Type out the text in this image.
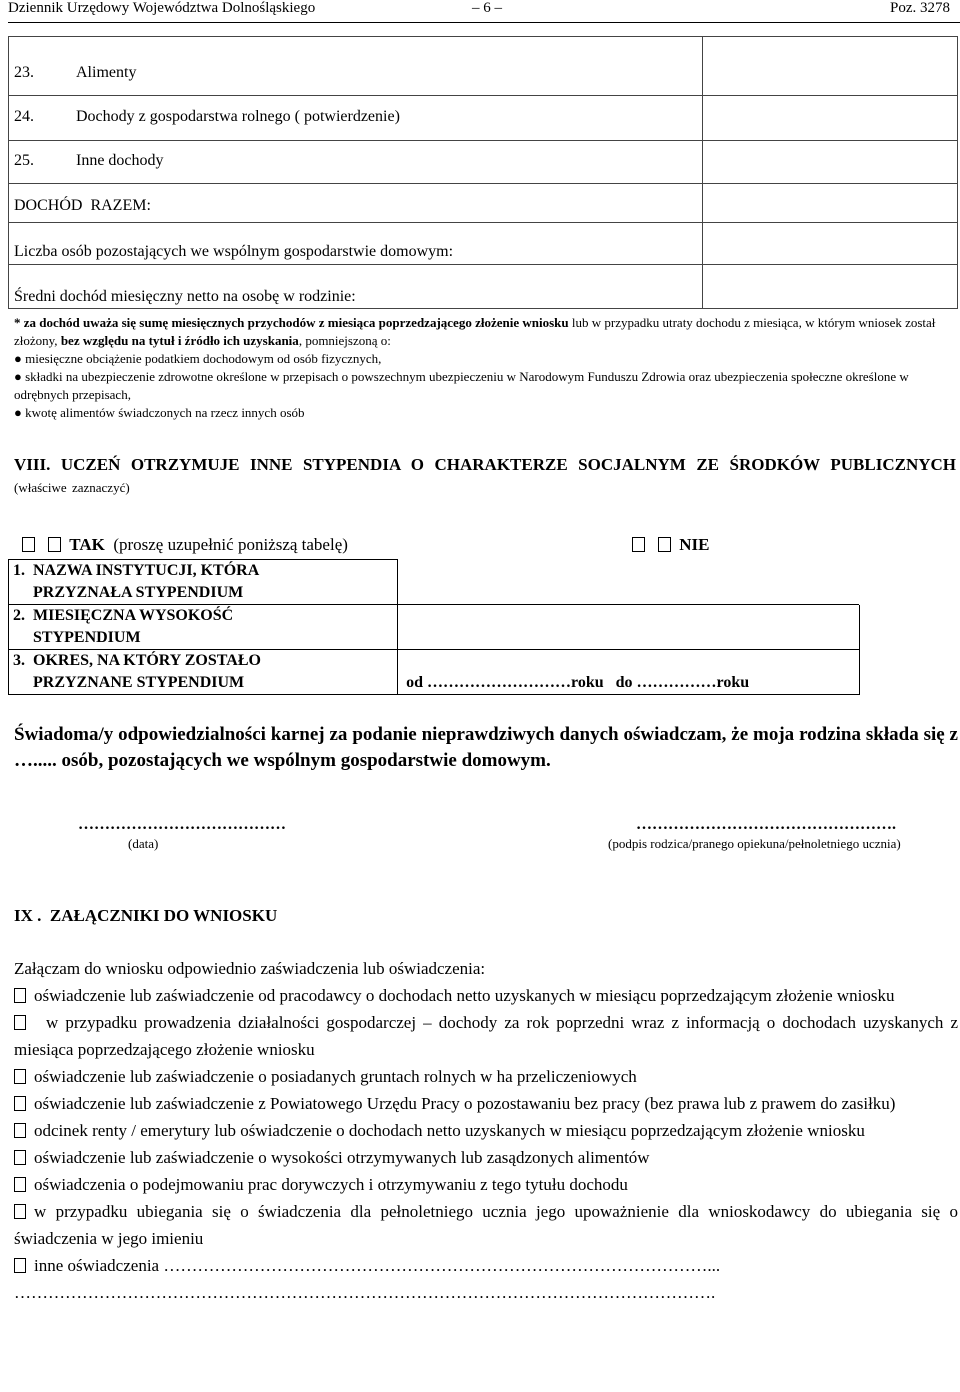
Dziennik Urzędowy Województwa Dolnośląskiego	– 6 –	Poz. 3278
23.	Alimenty
24.	Dochody z gospodarstwa rolnego ( potwierdzenie)
25.	Inne dochody
DOCHÓD  RAZEM:
Liczba osób pozostających we wspólnym gospodarstwie domowym:
Średni dochód miesięczny netto na osobę w rodzinie:
* za dochód uważa się sumę miesięcznych przychodów z miesiąca poprzedzającego złożenie wniosku lub w przypadku utraty dochodu z miesiąca, w którym wniosek został złożony, bez względu na tytuł i źródło ich uzyskania, pomniejszoną o:
● miesięczne obciążenie podatkiem dochodowym od osób fizycznych,
● składki na ubezpieczenie zdrowotne określone w przepisach o powszechnym ubezpieczeniu w Narodowym Funduszu Zdrowia oraz ubezpieczenia społeczne określone w odrębnych przepisach,
● kwotę alimentów świadczonych na rzecz innych osób
VIII. UCZEŃ OTRZYMUJE INNE STYPENDIA O CHARAKTERZE SOCJALNYM ZE ŚRODKÓW PUBLICZNYCH (właściwe zaznaczyć)
TAK (proszę uzupełnić poniższą tabelę)	NIE
1. NAZWA INSTYTUCJI, KTÓRA PRZYZNAŁA STYPENDIUM	
2. MIESIĘCZNA WYSOKOŚĆ STYPENDIUM	
3. OKRES, NA KTÓRY ZOSTAŁO PRZYZNANE STYPENDIUM	od ………………………roku   do ……………roku
Świadoma/y odpowiedzialności karnej za podanie nieprawdziwych danych oświadczam, że moja rodzina składa się z …..... osób, pozostających we wspólnym gospodarstwie domowym.
…………………………………
(data)
………………………………………….
(podpis rodzica/pranego opiekuna/pełnoletniego ucznia)
IX .  ZAŁĄCZNIKI DO WNIOSKU
Załączam do wniosku odpowiednio zaświadczenia lub oświadczenia:
oświadczenie lub zaświadczenie od pracodawcy o dochodach netto uzyskanych w miesiącu poprzedzającym złożenie wniosku
w przypadku prowadzenia działalności gospodarczej – dochody za rok poprzedni wraz z informacją o dochodach uzyskanych z miesiąca poprzedzającego złożenie wniosku
oświadczenie lub zaświadczenie o posiadanych gruntach rolnych w ha przeliczeniowych
oświadczenie lub zaświadczenie z Powiatowego Urzędu Pracy o pozostawaniu bez pracy (bez prawa lub z prawem do zasiłku)
odcinek renty / emerytury lub oświadczenie o dochodach netto uzyskanych w miesiącu poprzedzającym złożenie wniosku
oświadczenie lub zaświadczenie o wysokości otrzymywanych lub zasądzonych alimentów
oświadczenia o podejmowaniu prac dorywczych i otrzymywaniu z tego tytułu dochodu
w przypadku ubiegania się o świadczenia dla pełnoletniego ucznia jego upoważnienie dla wnioskodawcy do ubiegania się o świadczenia w jego imieniu
inne oświadczenia ……………………………………………………………………………………...
…………………………………………………………………………………………………………….
